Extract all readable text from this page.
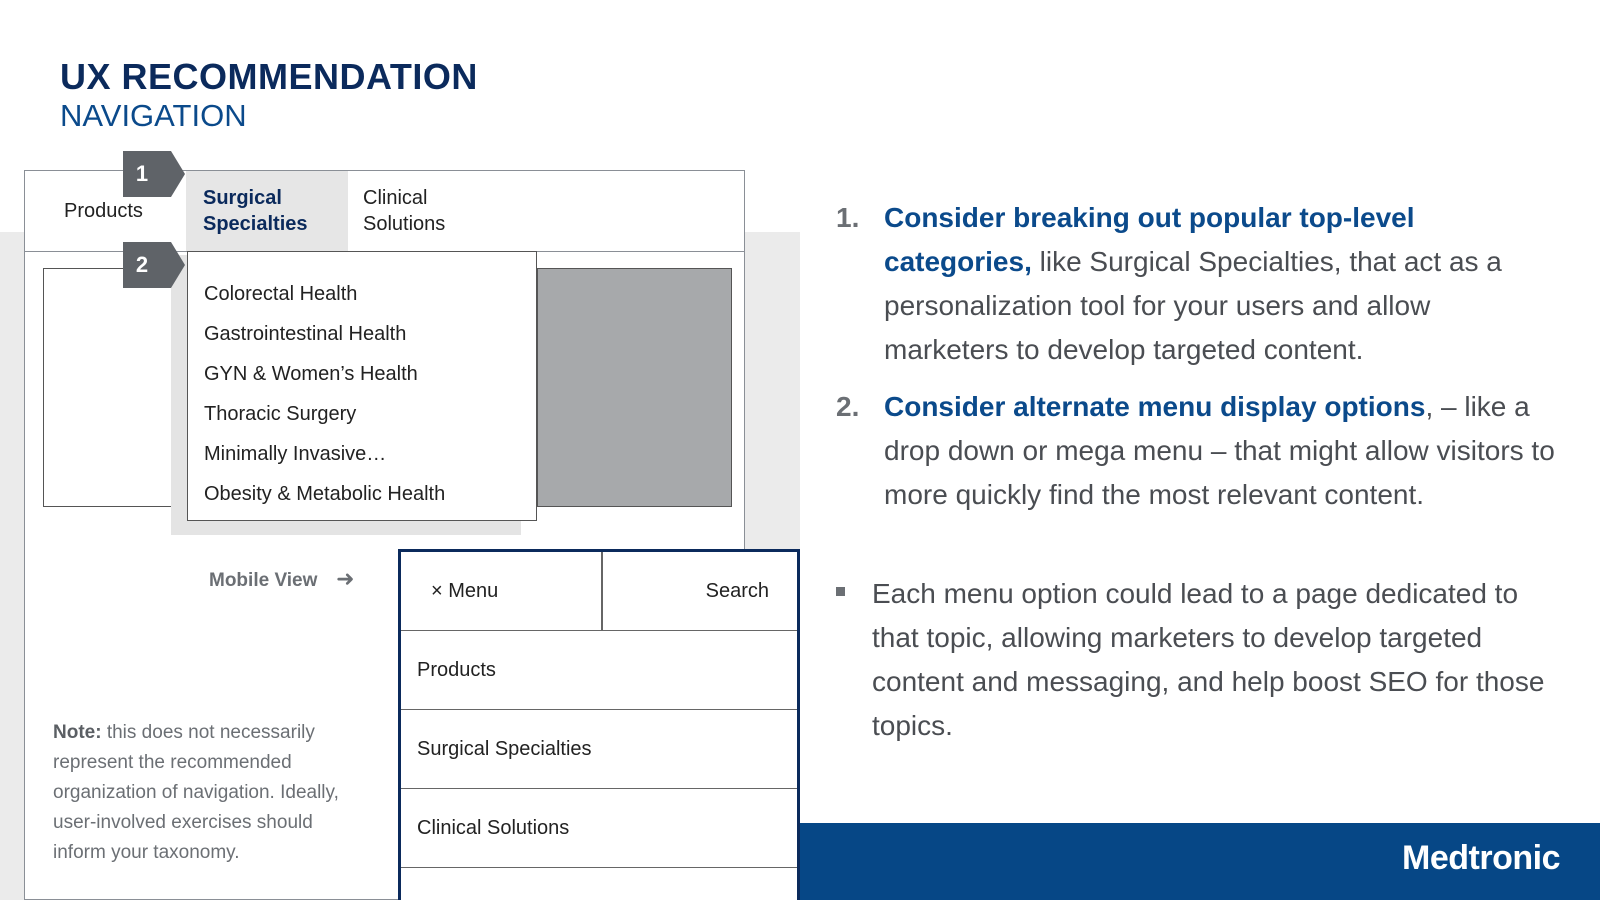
UX RECOMMENDATION
NAVIGATION
Products
Surgical
Specialties
Clinical
Solutions
Colorectal Health
Gastrointestinal Health
GYN & Women’s Health
Thoracic Surgery
Minimally Invasive…
Obesity & Metabolic Health
1
2
Mobile View ➜	× Menu	Search
Products
Surgical Specialties
Clinical Solutions
Note: this does not necessarily represent the recommended organization of navigation. Ideally, user-involved exercises should inform your taxonomy.
1. Consider breaking out popular top-level categories, like Surgical Specialties, that act as a personalization tool for your users and allow marketers to develop targeted content.
2. Consider alternate menu display options, – like a drop down or mega menu – that might allow visitors to more quickly find the most relevant content.
Each menu option could lead to a page dedicated to that topic, allowing marketers to develop targeted content and messaging, and help boost SEO for those topics.
Medtronic
